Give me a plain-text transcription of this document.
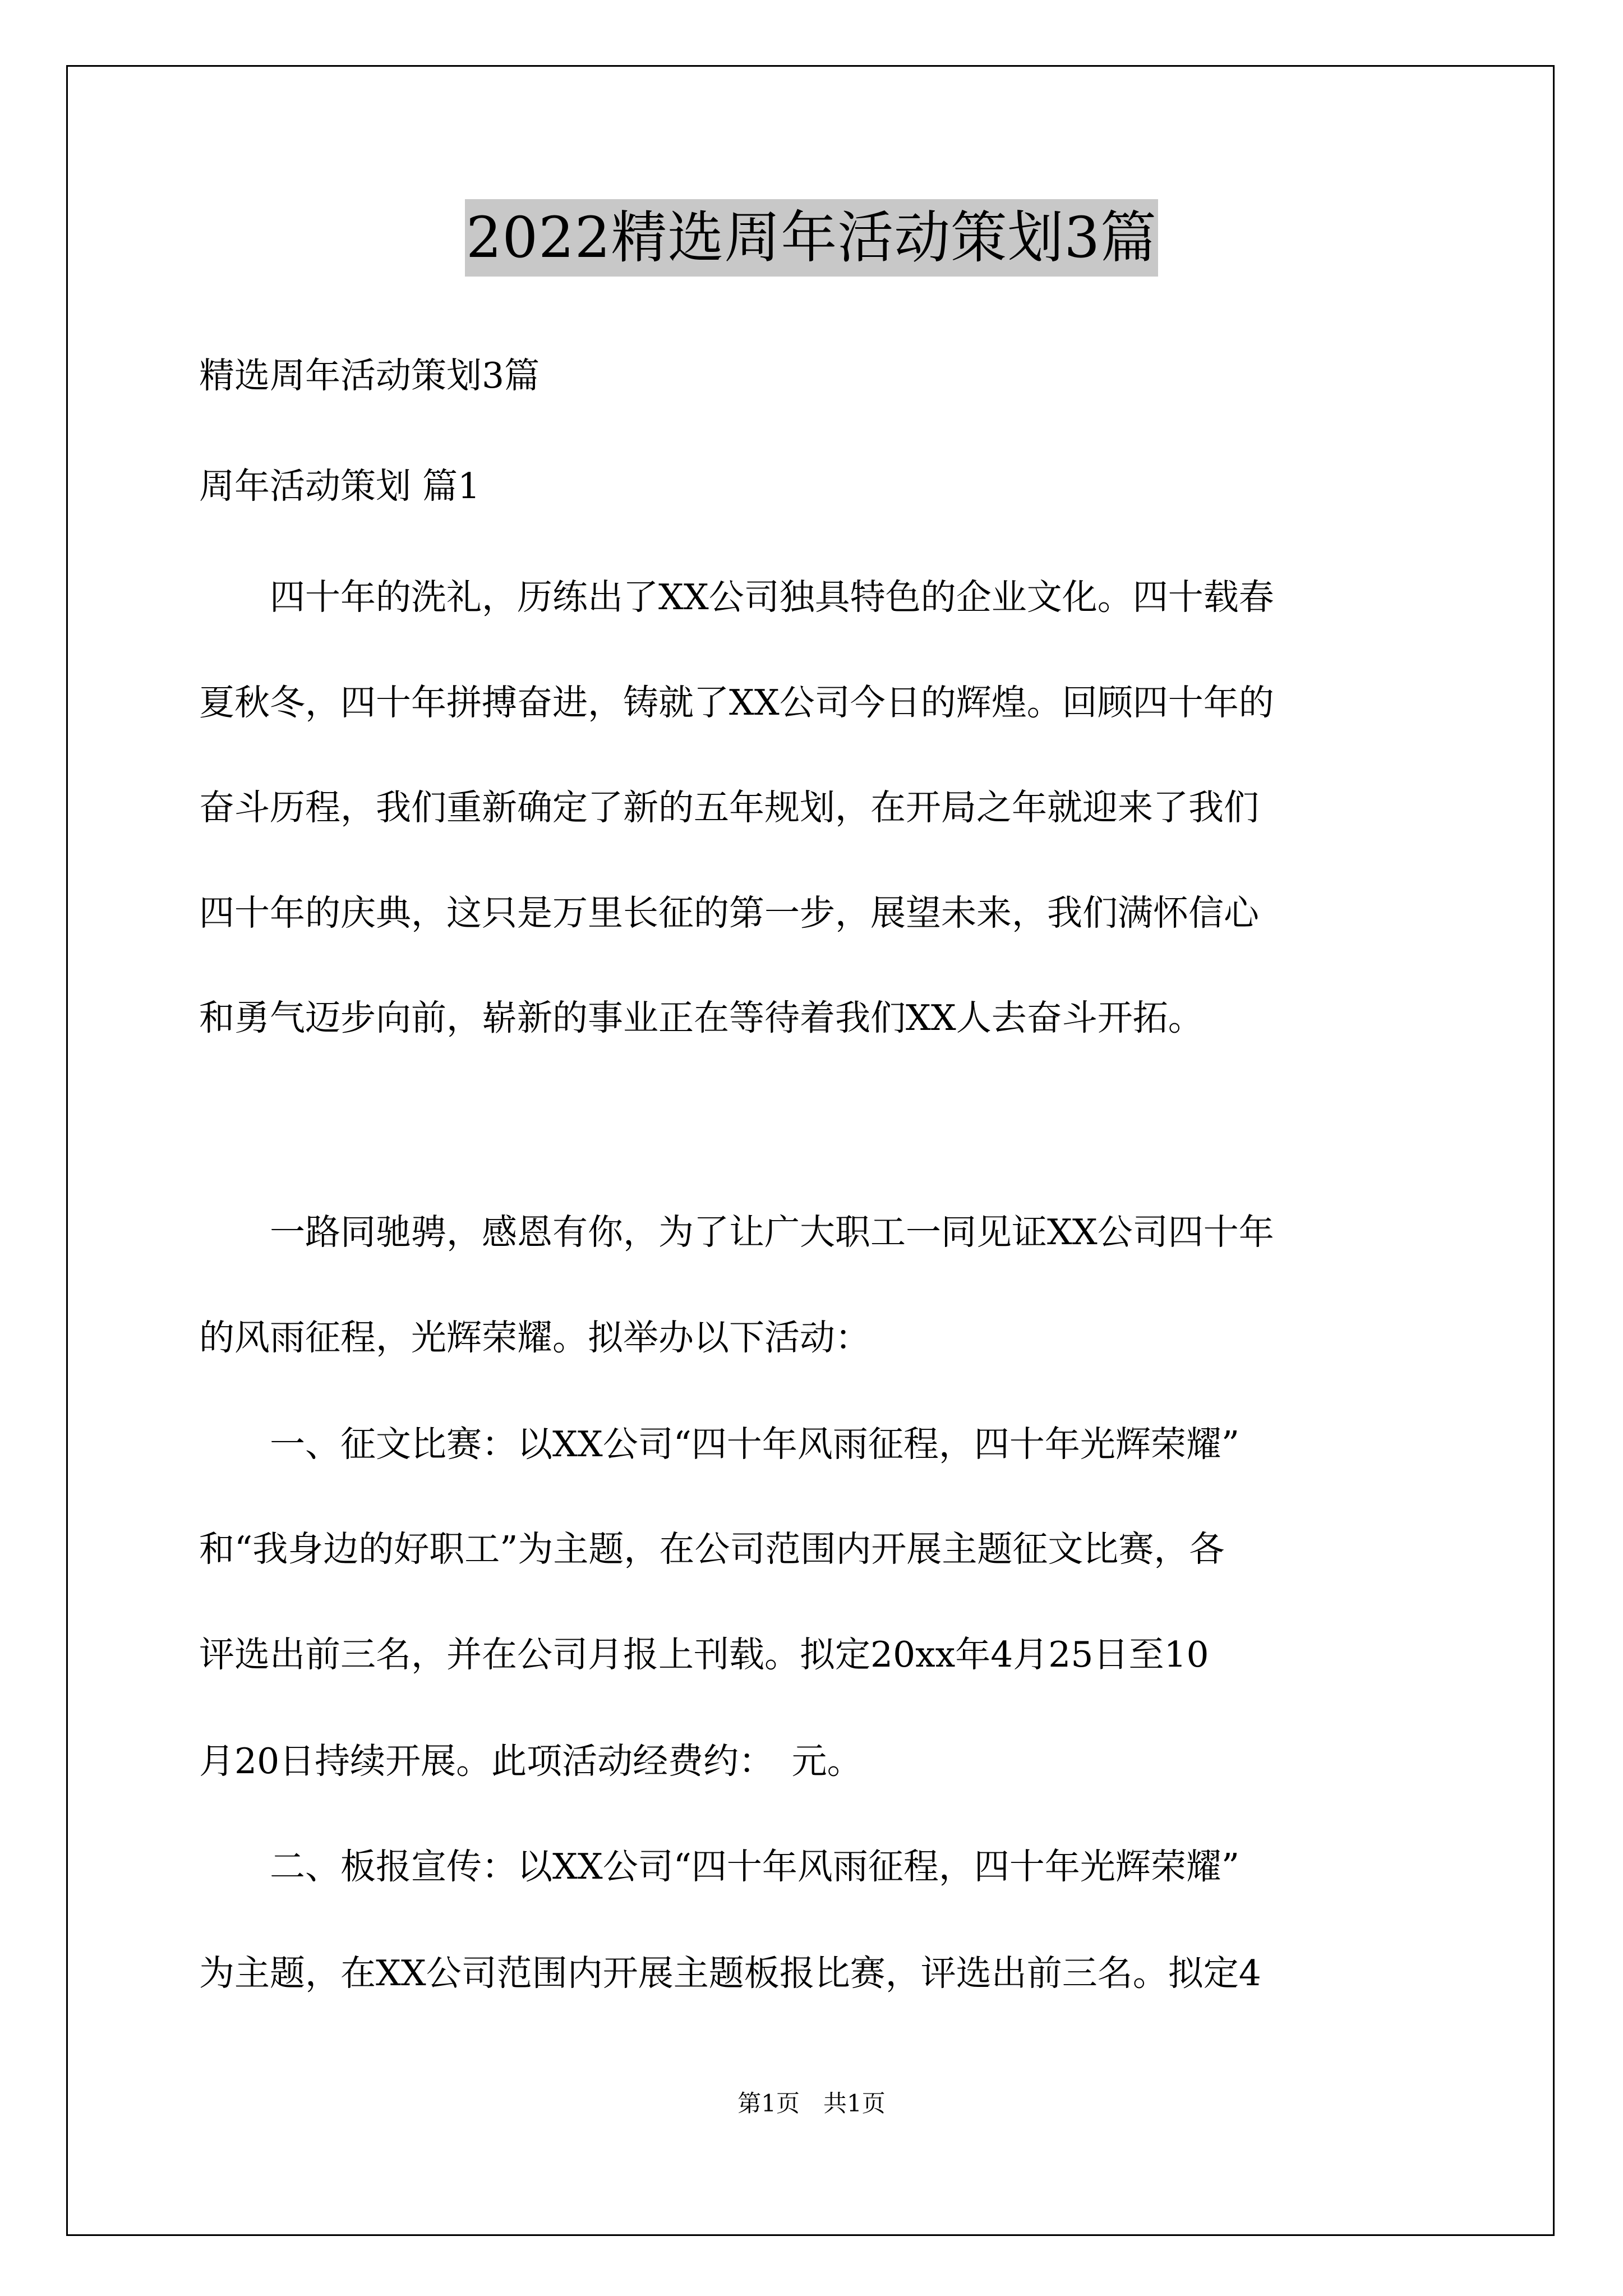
2022精选周年活动策划3篇
精选周年活动策划3篇
周年活动策划 篇1
　　四十年的洗礼，历练出了XX公司独具特色的企业文化。四十载春
夏秋冬，四十年拼搏奋进，铸就了XX公司今日的辉煌。回顾四十年的
奋斗历程，我们重新确定了新的五年规划，在开局之年就迎来了我们
四十年的庆典，这只是万里长征的第一步，展望未来，我们满怀信心
和勇气迈步向前，崭新的事业正在等待着我们XX人去奋斗开拓。
　　一路同驰骋，感恩有你，为了让广大职工一同见证XX公司四十年
的风雨征程，光辉荣耀。拟举办以下活动：
　　一、征文比赛：以XX公司“四十年风雨征程，四十年光辉荣耀”
和“我身边的好职工”为主题，在公司范围内开展主题征文比赛，各
评选出前三名，并在公司月报上刊载。拟定20xx年4月25日至10
月20日持续开展。此项活动经费约：　元。
　　二、板报宣传：以XX公司“四十年风雨征程，四十年光辉荣耀”
为主题，在XX公司范围内开展主题板报比赛，评选出前三名。拟定4
第1页　共1页
